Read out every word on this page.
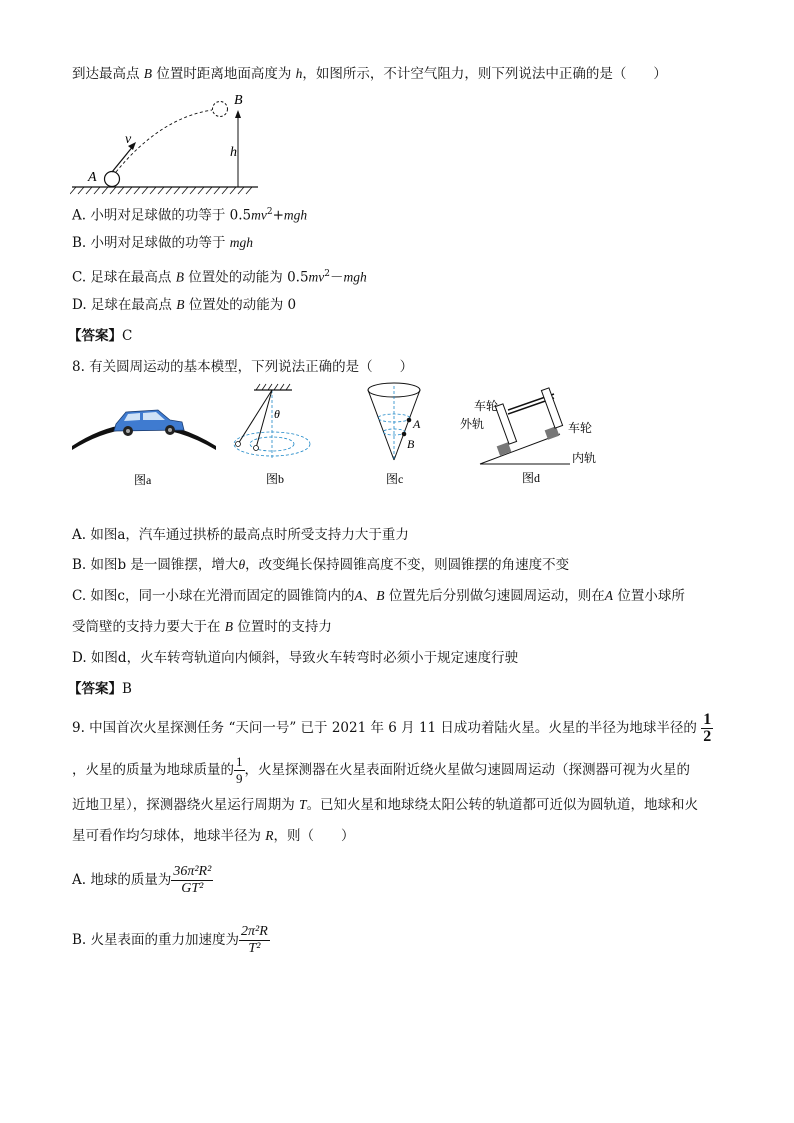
到达最高点 B 位置时距离地面高度为 h，如图所示，不计空气阻力，则下列说法中正确的是（　　）
A
B
v
h
A. 小明对足球做的功等于 $0.5mv^2+mgh$
B. 小明对足球做的功等于 mgh
C. 足球在最高点 B 位置处的动能为 $0.5mv^2-mgh$
D. 足球在最高点 B 位置处的动能为 0
【答案】C
8. 有关圆周运动的基本模型，下列说法正确的是（　　）
图a
θ
图b
A
B
图c
车轮
外轨	车轮
内轨
图d
A. 如图a，汽车通过拱桥的最高点时所受支持力大于重力
B. 如图b 是一圆锥摆，增大θ，改变绳长保持圆锥高度不变，则圆锥摆的角速度不变
C. 如图c，同一小球在光滑而固定的圆锥筒内的A、B 位置先后分别做匀速圆周运动，则在A 位置小球所
受筒壁的支持力要大于在 B 位置时的支持力
D. 如图d，火车转弯轨道向内倾斜，导致火车转弯时必须小于规定速度行驶
【答案】B
9. 中国首次火星探测任务 “天问一号” 已于 2021 年 6 月 11 日成功着陆火星。火星的半径为地球半径的 $\frac{1}{2}$
，火星的质量为地球质量的 $\frac{1}{9}$ ，火星探测器在火星表面附近绕火星做匀速圆周运动（探测器可视为火星的
近地卫星），探测器绕火星运行周期为 T。已知火星和地球绕太阳公转的轨道都可近似为圆轨道，地球和火
星可看作均匀球体，地球半径为 R，则（　　）
A. 地球的质量为 $\frac{\text{36π²R²}}{\text{GT²}}$
B. 火星表面的重力加速度为 $\frac{\text{2π²R}}{\text{T²}}$
